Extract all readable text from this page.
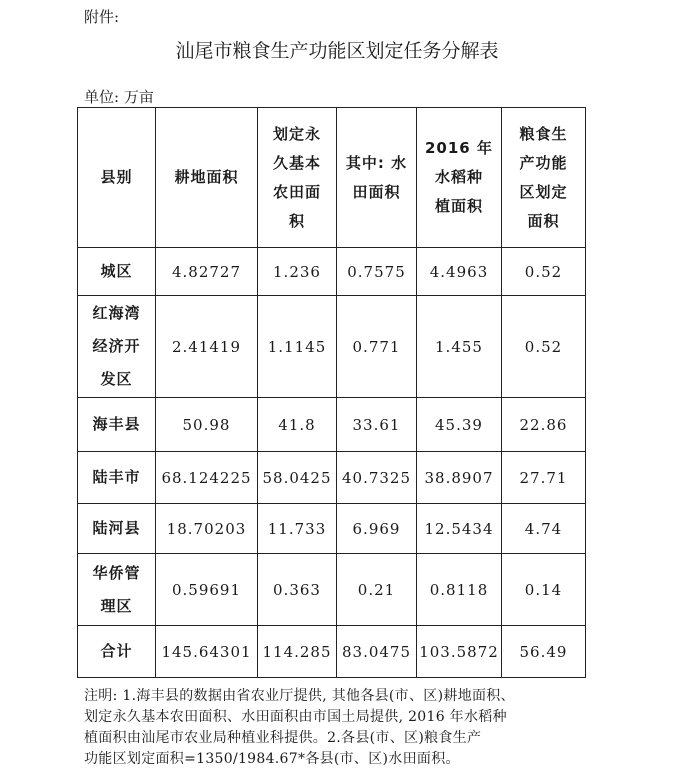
附件:
汕尾市粮食生产功能区划定任务分解表
单位: 万亩
县别	耕地面积	划定永
久基本
农田面
积	其中: 水
田面积	2016 年
水稻种
植面积	粮食生
产功能
区划定
面积
城区	4.82727	1.236	0.7575	4.4963	0.52
红海湾
经济开
发区	2.41419	1.1145	0.771	1.455	0.52
海丰县	50.98	41.8	33.61	45.39	22.86
陆丰市	68.124225	58.0425	40.7325	38.8907	27.71
陆河县	18.70203	11.733	6.969	12.5434	4.74
华侨管
理区	0.59691	0.363	0.21	0.8118	0.14
合计	145.64301	114.285	83.0475	103.5872	56.49
注明: 1.海丰县的数据由省农业厅提供, 其他各县(市、区)耕地面积、
划定永久基本农田面积、水田面积由市国土局提供, 2016 年水稻种
植面积由汕尾市农业局种植业科提供。2.各县(市、区)粮食生产
功能区划定面积=1350/1984.67*各县(市、区)水田面积。
